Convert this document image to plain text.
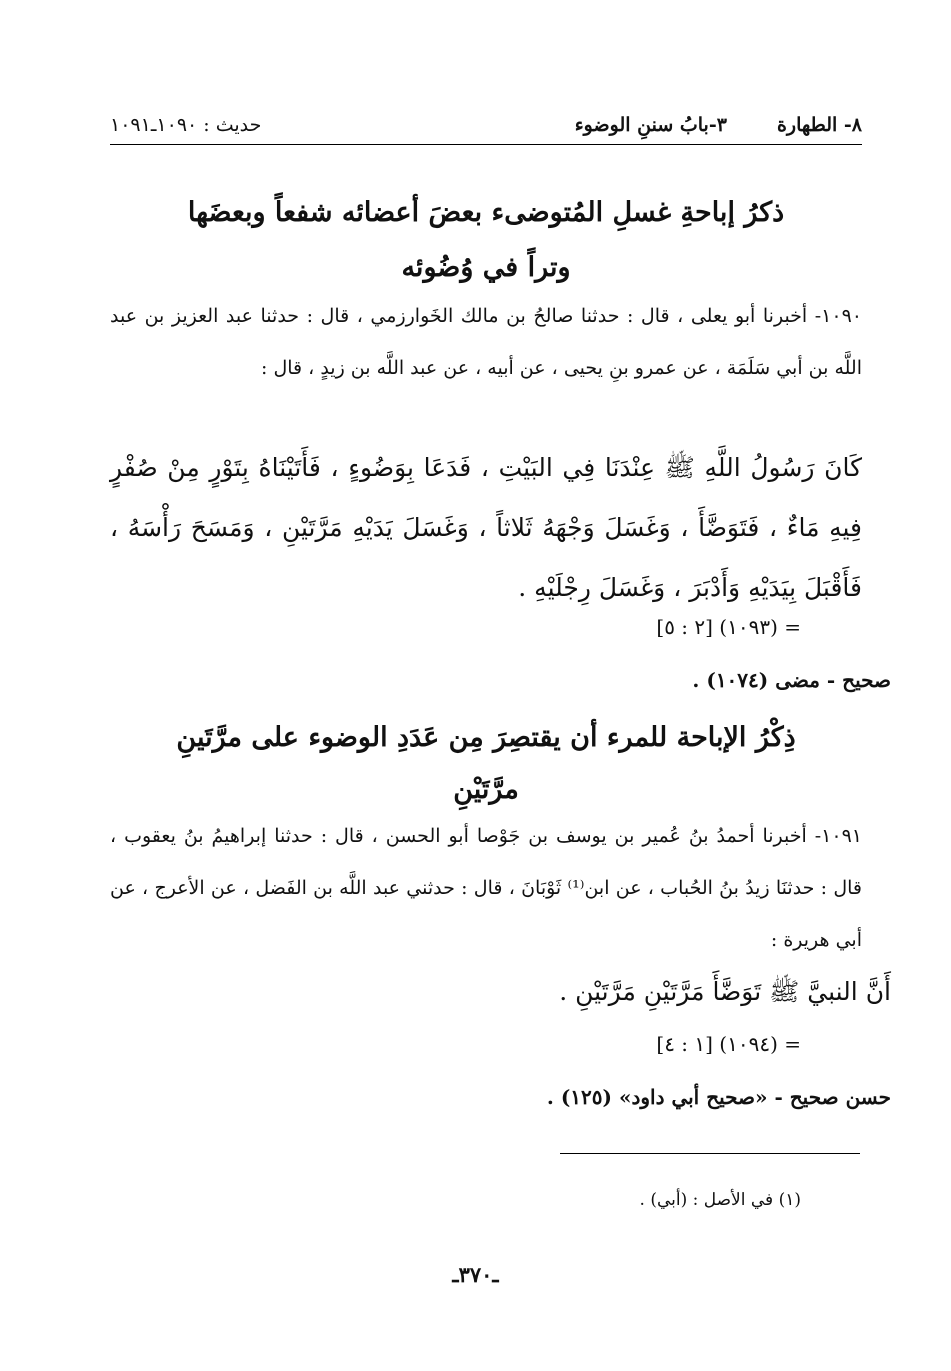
٨- الطهارة٣-بابُ سننِ الوضوء
حديث : ١٠٩٠ـ١٠٩١
ذكرُ إباحةِ غسلِ المُتوضىء بعضَ أعضائه شفعاً وبعضَها
وتراً في وُضُوئه
١٠٩٠- أخبرنا أبو يعلى ، قال : حدثنا صالحُ بن مالك الخَوارزمي ، قال : حدثنا عبد العزيز بن عبد اللَّه بن أبي سَلَمَة ، عن عمرو بنِ يحيى ، عن أبيه ، عن عبد اللَّه بن زيدٍ ، قال :
كَانَ رَسُولُ اللَّهِ ﷺ عِنْدَنَا فِي البَيْتِ ، فَدَعَا بِوَضُوءٍ ، فَأَتَيْنَاهُ بِتَوْرٍ مِنْ صُفْرٍ فِيهِ مَاءٌ ، فَتَوَضَّأَ ، وَغَسَلَ وَجْهَهُ ثَلاثاً ، وَغَسَلَ يَدَيْهِ مَرَّتَيْنِ ، وَمَسَحَ رَأْسَهُ ، فَأَقْبَلَ بِيَدَيْهِ وَأَدْبَرَ ، وَغَسَلَ رِجْلَيْهِ .
= (١٠٩٣) [٢ : ٥]
صحيح - مضى (١٠٧٤) .
ذِكْرُ الإباحة للمرء أن يقتصِرَ مِن عَدَدِ الوضوء على مرَّتَينِ
مرَّتَيْنِ
١٠٩١- أخبرنا أحمدُ بنُ عُمير بن يوسف بن جَوْصا أبو الحسن ، قال : حدثنا إبراهيمُ بنُ يعقوب ، قال : حدثنَا زيدُ بنُ الحُباب ، عن ابن⁽¹⁾ ثَوْبَانَ ، قال : حدثني عبد اللَّه بن الفَضل ، عن الأعرج ، عن أبي هريرة :
أَنَّ النبيَّ ﷺ تَوَضَّأَ مَرَّتَيْنِ مَرَّتَيْنِ .
= (١٠٩٤) [١ : ٤]
حسن صحيح - «صحيح أبي داود» (١٢٥) .
(١) في الأصل : (أبي) .
ـ٣٧٠ـ
